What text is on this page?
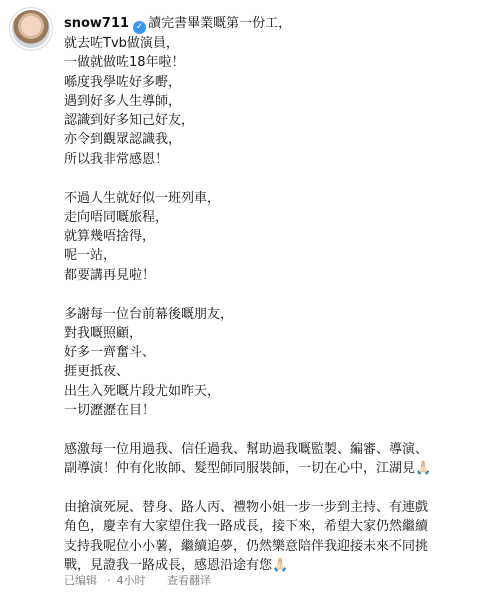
snow711 ✓ 讀完書畢業嘅第一份工，
就去咗Tvb做演員，
一做就做咗18年啦！
喺度我學咗好多嘢，
遇到好多人生導師，
認識到好多知己好友，
亦令到觀眾認識我，
所以我非常感恩！
不過人生就好似一班列車，
走向唔同嘅旅程，
就算幾唔捨得，
呢一站，
都要講再見啦！
多謝每一位台前幕後嘅朋友，
對我嘅照顧，
好多一齊奮斗、
捱更抵夜、
出生入死嘅片段尤如昨天，
一切瀝瀝在目！
感激每一位用過我、信任過我、幫助過我嘅監製、編審、導演、
副導演！仲有化妝師、髮型師同服裝師，一切在心中，江湖見🙏🏻
由搶演死屍、替身、路人丙、禮物小姐一步一步到主持、有連戲
角色，慶幸有大家望住我一路成長，接下來，希望大家仍然繼續
支持我呢位小小薯，繼續追夢，仍然樂意陪伴我迎接未來不同挑
戰，見證我一路成長，感恩沿途有您🙏🏻
已编辑 · 4小时 查看翻译
